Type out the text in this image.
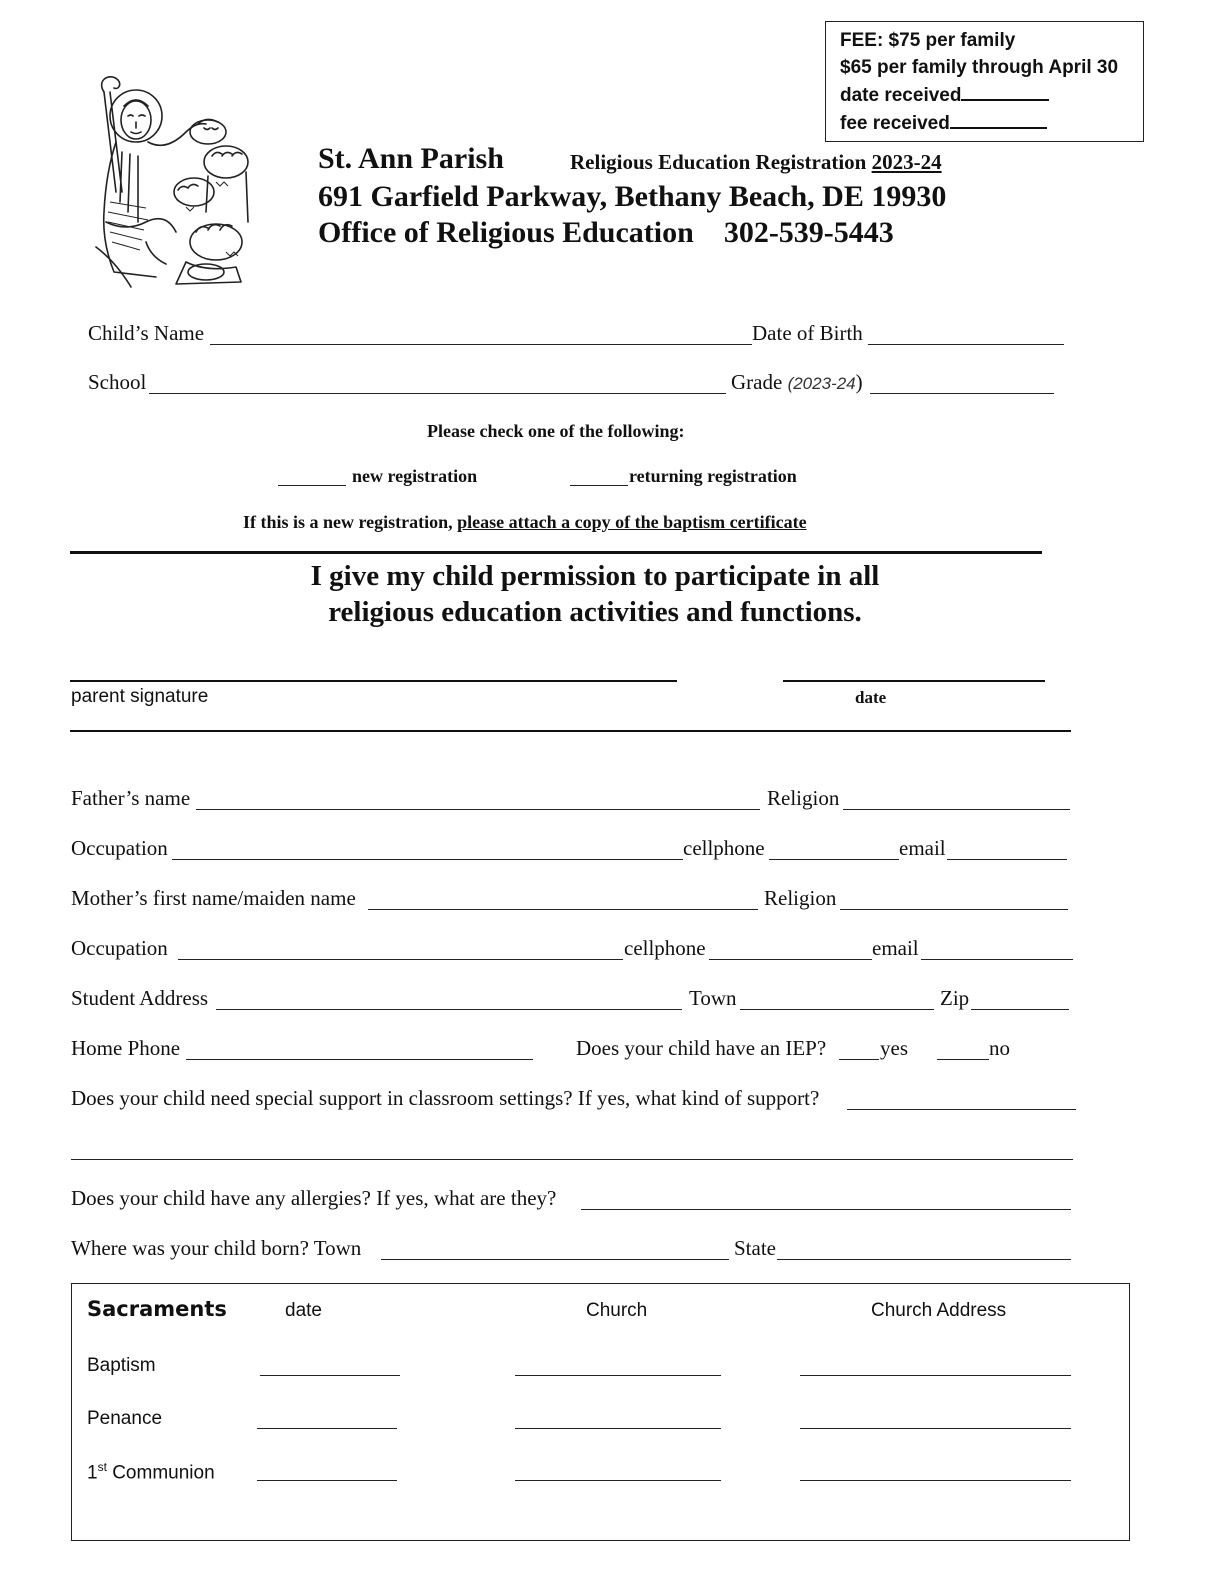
FEE: $75 per family
$65 per family through April 30
date received
fee received
St. Ann Parish	Religious Education Registration 2023-24
691 Garfield Parkway, Bethany Beach, DE 19930
Office of Religious Education    302-539-5443
Child’s Name	Date of Birth
School	Grade (2023-24)
Please check one of the following:
new registration	returning registration
If this is a new registration, please attach a copy of the baptism certificate
I give my child permission to participate in all
religious education activities and functions.
parent signature	date
Father’s name	Religion
Occupation	cellphone	email
Mother’s first name/maiden name	Religion
Occupation	cellphone	email
Student Address	Town	Zip
Home Phone	Does your child have an IEP?	yes	no
Does your child need special support in classroom settings? If yes, what kind of support?
Does your child have any allergies? If yes, what are they?
Where was your child born? Town	State
Sacraments	date	Church	Church Address
Baptism
Penance
1st Communion
